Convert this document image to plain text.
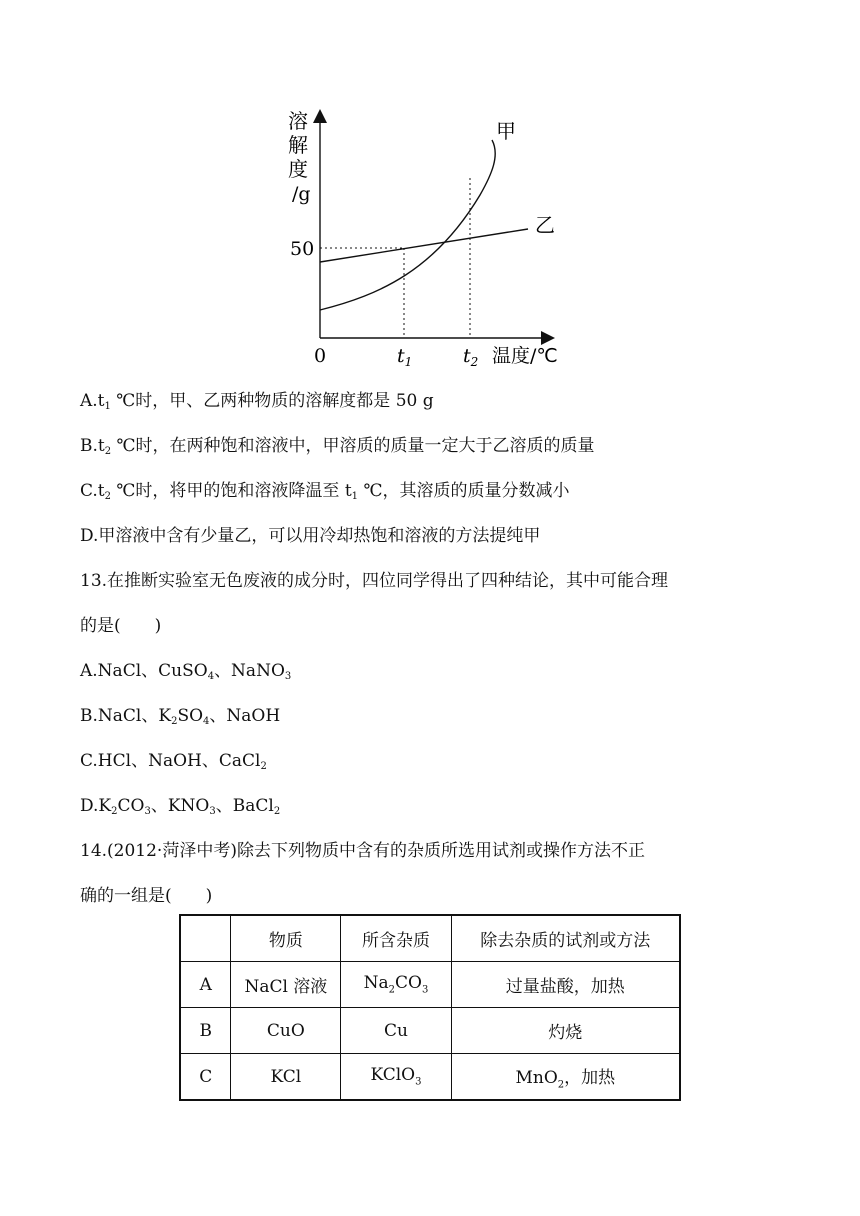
溶
解
度
/g
50
0	$t_1$	$t_2$ 温度/℃
甲
乙
$A.t_1$ ℃时，甲、乙两种物质的溶解度都是 50 g
$B.t_2$ ℃时，在两种饱和溶液中，甲溶质的质量一定大于乙溶质的质量
$C.t_2$ ℃时，将甲的饱和溶液降温至 $t_1$ ℃，其溶质的质量分数减小
D.甲溶液中含有少量乙，可以用冷却热饱和溶液的方法提纯甲
13.在推断实验室无色废液的成分时，四位同学得出了四种结论，其中可能合理
的是(　　)
A.NaCl、CuSO$_4$、NaNO$_3$
B.NaCl、$K_2SO_4$、NaOH
C.HCl、NaOH、CaCl$_2$
$D.K_2CO_3$、$KNO_3$、BaCl$_2$
14.(2012·菏泽中考)除去下列物质中含有的杂质所选用试剂或操作方法不正
确的一组是(　　)
	物质	所含杂质	除去杂质的试剂或方法
A	NaCl 溶液	$Na_2CO_3$	过量盐酸，加热
B	CuO	Cu	灼烧
C	KCl	KClO$_3$	MnO$_2$，加热
